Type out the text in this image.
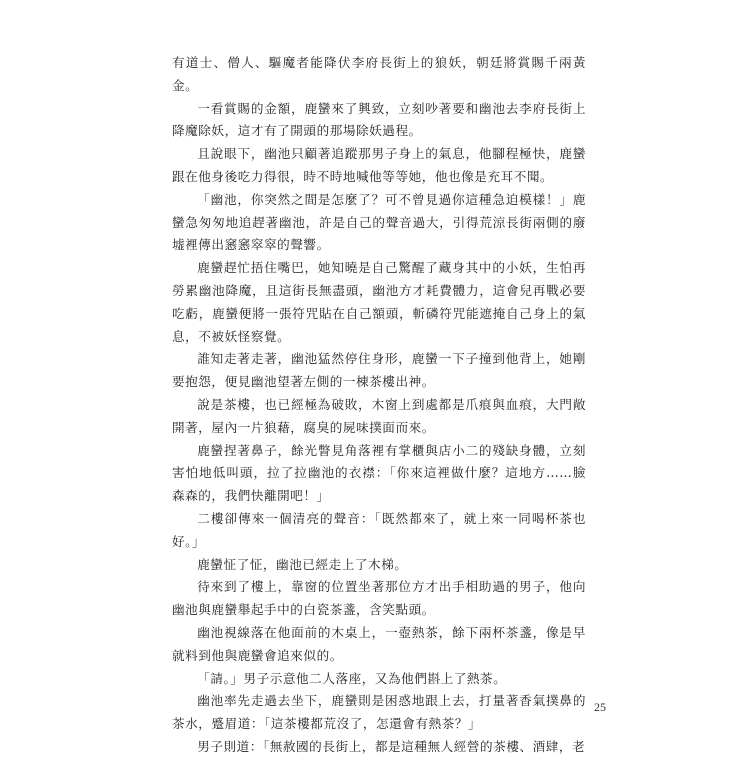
有道士、僧人、驅魔者能降伏李府長街上的狼妖，朝廷將賞賜千兩黃金。

一看賞賜的金額，鹿蠻來了興致，立刻吵著要和幽池去李府長街上降魔除妖，這才有了開頭的那場除妖過程。

且說眼下，幽池只顧著追蹤那男子身上的氣息，他腳程極快，鹿蠻跟在他身後吃力得很，時不時地喊他等等她，他也像是充耳不聞。

「幽池，你突然之間是怎麼了？可不曾見過你這種急迫模樣！」鹿蠻急匆匆地追趕著幽池，許是自己的聲音過大，引得荒涼長街兩側的廢墟裡傳出窸窸窣窣的聲響。

鹿蠻趕忙捂住嘴巴，她知曉是自己驚醒了藏身其中的小妖，生怕再勞累幽池降魔，且這街長無盡頭，幽池方才耗費體力，這會兒再戰必要吃虧，鹿蠻便將一張符咒貼在自己額頭，斬磷符咒能遮掩自己身上的氣息，不被妖怪察覺。

誰知走著走著，幽池猛然停住身形，鹿蠻一下子撞到他背上，她剛要抱怨，便見幽池望著左側的一棟茶樓出神。

說是茶樓，也已經極為破敗，木窗上到處都是爪痕與血痕，大門敞開著，屋內一片狼藉，腐臭的屍味撲面而來。

鹿蠻捏著鼻子，餘光瞥見角落裡有掌櫃與店小二的殘缺身體，立刻害怕地低叫頭，拉了拉幽池的衣襟：「你來這裡做什麼？這地方……臉森森的，我們快離開吧！」

二樓卻傳來一個清亮的聲音：「既然都來了，就上來一同喝杯茶也好。」

鹿蠻怔了怔，幽池已經走上了木梯。

待來到了樓上，靠窗的位置坐著那位方才出手相助過的男子，他向幽池與鹿蠻舉起手中的白瓷茶盞，含笑點頭。

幽池視線落在他面前的木桌上，一壺熱茶，餘下兩杯茶盞，像是早就料到他與鹿蠻會追來似的。

「請。」男子示意他二人落座，又為他們斟上了熱茶。

幽池率先走過去坐下，鹿蠻則是困惑地跟上去，打量著香氣撲鼻的茶水，蹙眉道：「這茶樓都荒沒了，怎還會有熱茶？」

男子則道：「無赦國的長街上，都是這種無人經營的茶樓、酒肆，老

25
